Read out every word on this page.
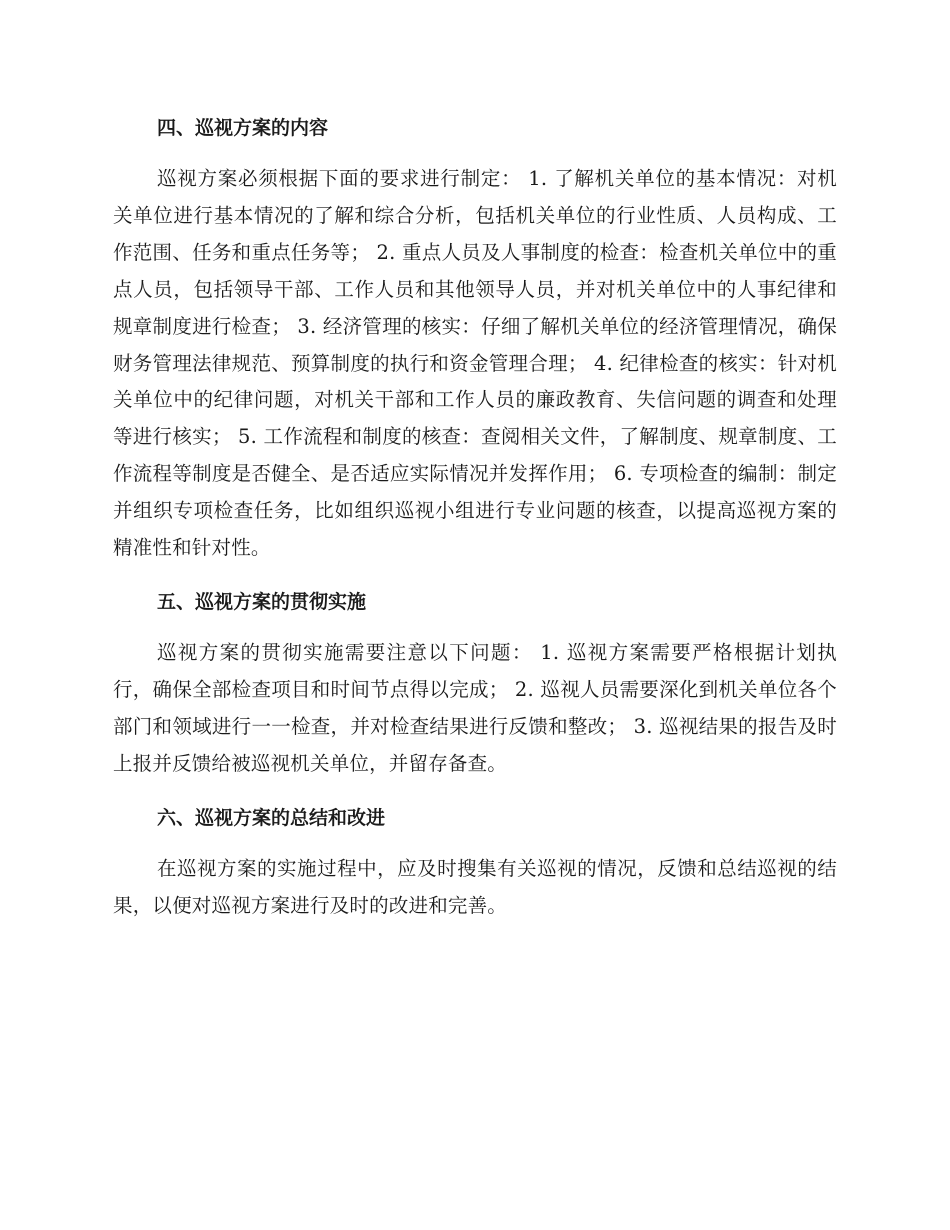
四、巡视方案的内容

巡视方案必须根据下面的要求进行制定： 1. 了解机关单位的基本情况：对机关单位进行基本情况的了解和综合分析，包括机关单位的行业性质、人员构成、工作范围、任务和重点任务等； 2. 重点人员及人事制度的检查：检查机关单位中的重点人员，包括领导干部、工作人员和其他领导人员，并对机关单位中的人事纪律和规章制度进行检查； 3. 经济管理的核实：仔细了解机关单位的经济管理情况，确保财务管理法律规范、预算制度的执行和资金管理合理； 4. 纪律检查的核实：针对机关单位中的纪律问题，对机关干部和工作人员的廉政教育、失信问题的调查和处理等进行核实； 5. 工作流程和制度的核查：查阅相关文件，了解制度、规章制度、工作流程等制度是否健全、是否适应实际情况并发挥作用； 6. 专项检查的编制：制定并组织专项检查任务，比如组织巡视小组进行专业问题的核查，以提高巡视方案的精准性和针对性。

五、巡视方案的贯彻实施

巡视方案的贯彻实施需要注意以下问题： 1. 巡视方案需要严格根据计划执行，确保全部检查项目和时间节点得以完成； 2. 巡视人员需要深化到机关单位各个部门和领域进行一一检查，并对检查结果进行反馈和整改； 3. 巡视结果的报告及时上报并反馈给被巡视机关单位，并留存备查。

六、巡视方案的总结和改进

在巡视方案的实施过程中，应及时搜集有关巡视的情况，反馈和总结巡视的结果，以便对巡视方案进行及时的改进和完善。
